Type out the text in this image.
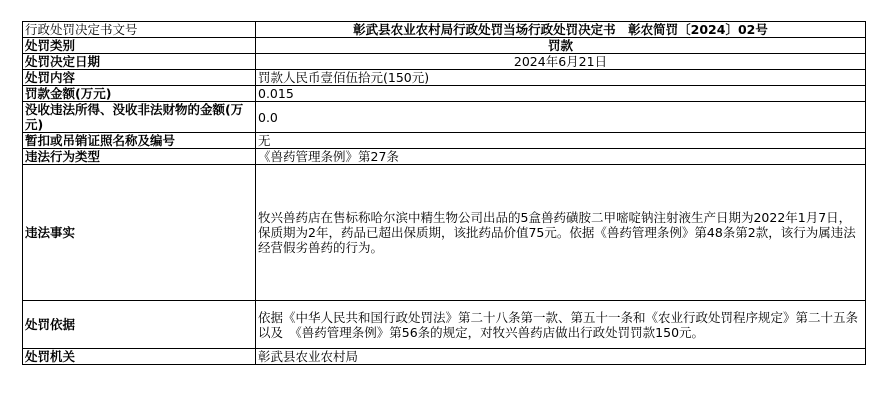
行政处罚决定书文号	彰武县农业农村局行政处罚当场行政处罚决定书　彰农简罚〔2024〕02号
处罚类别	罚款
处罚决定日期	2024年6月21日
处罚内容	罚款人民币壹佰伍拾元(150元)
罚款金额(万元)	0.015
没收违法所得、没收非法财物的金额(万元)	0.0
暂扣或吊销证照名称及编号	无
违法行为类型	《兽药管理条例》第27条
违法事实	牧兴兽药店在售标称哈尔滨中精生物公司出品的5盒兽药磺胺二甲嘧啶钠注射液生产日期为2022年1月7日，保质期为2年，药品已超出保质期，该批药品价值75元。依据《兽药管理条例》第48条第2款，该行为属违法经营假劣兽药的行为。
处罚依据	依据《中华人民共和国行政处罚法》第二十八条第一款、第五十一条和《农业行政处罚程序规定》第二十五条以及　《兽药管理条例》第56条的规定，对牧兴兽药店做出行政处罚罚款150元。
处罚机关	彰武县农业农村局
